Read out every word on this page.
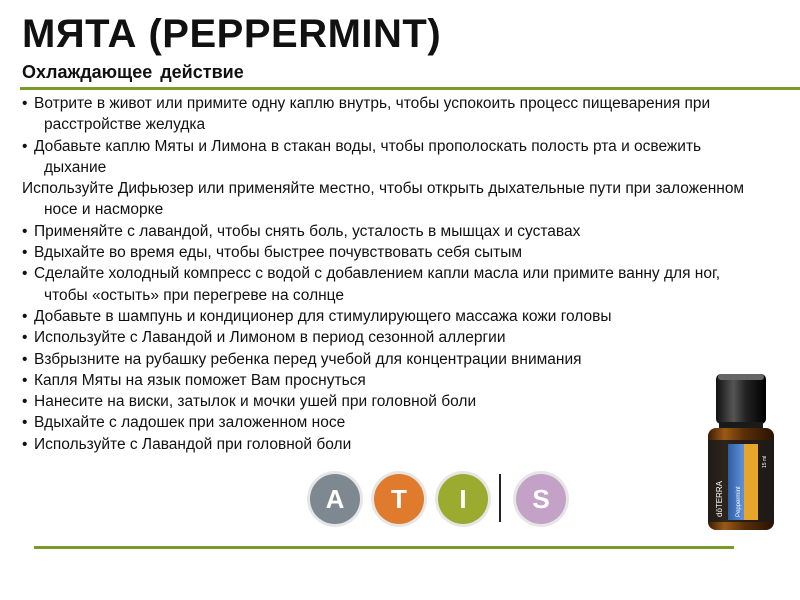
МЯТА (PEPPERMINT)
Охлаждающее действие
• Вотрите в живот или примите одну каплю внутрь, чтобы успокоить процесс пищеварения при расстройстве желудка
• Добавьте каплю Мяты и Лимона в стакан воды, чтобы прополоскать полость рта и освежить дыхание
Используйте Дифьюзер или применяйте местно, чтобы открыть дыхательные пути при заложенном носе и насморке
• Применяйте с лавандой, чтобы снять боль, усталость в мышцах и суставах
• Вдыхайте во время еды, чтобы быстрее почувствовать себя сытым
• Сделайте холодный компресс с водой с добавлением капли масла или примите ванну для ног, чтобы «остыть» при перегреве на солнце
• Добавьте в шампунь и кондиционер для стимулирующего массажа кожи головы
• Используйте с Лавандой и Лимоном в период сезонной аллергии
• Взбрызните на рубашку ребенка перед учебой для концентрации внимания
• Капля Мяты на язык поможет Вам проснуться
• Нанесите на виски, затылок и мочки ушей при головной боли
• Вдыхайте с ладошек при заложенном носе
• Используйте с Лавандой при головной боли
A T I	S	dōTERRA Peppermint
15 ml
